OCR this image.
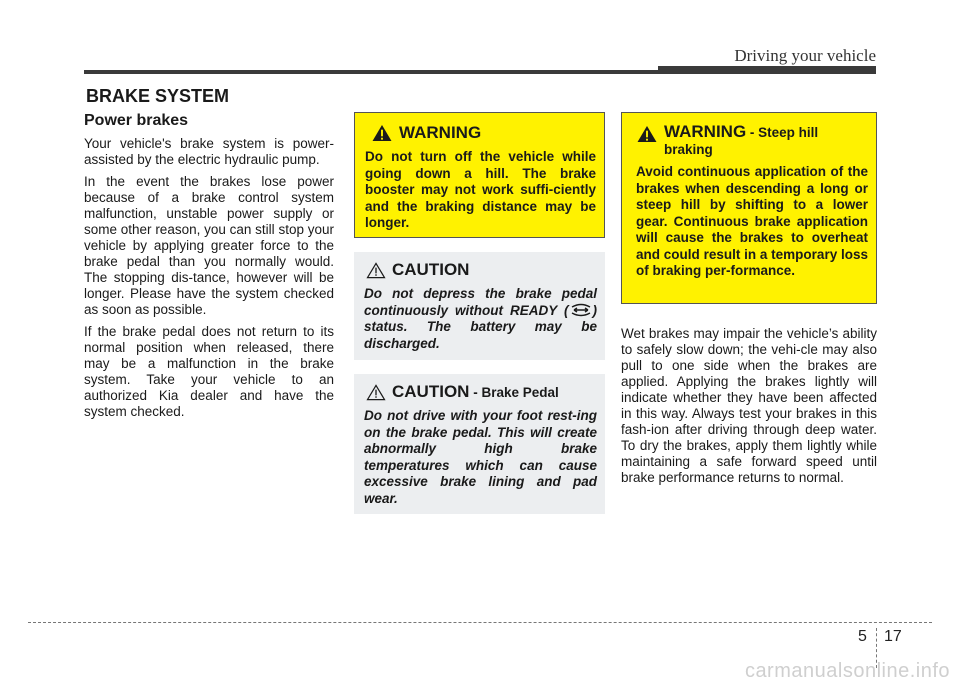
Driving your vehicle
BRAKE SYSTEM
Power brakes

Your vehicle's brake system is power-assisted by the electric hydraulic pump.

In the event the brakes lose power because of a brake control system malfunction, unstable power supply or some other reason, you can still stop your vehicle by applying greater force to the brake pedal than you normally would. The stopping dis-tance, however will be longer. Please have the system checked as soon as possible.

If the brake pedal does not return to its normal position when released, there may be a malfunction in the brake system. Take your vehicle to an authorized Kia dealer and have the system checked.

WARNING
Do not turn off the vehicle while going down a hill. The brake booster may not work suffi-ciently and the braking distance may be longer.
CAUTION
Do not depress the brake pedal continuously without READY ( ) status. The battery may be discharged.
CAUTION - Brake Pedal
Do not drive with your foot rest-ing on the brake pedal. This will create abnormally high brake temperatures which can cause excessive brake lining and pad wear.
WARNING - Steep hill braking
Avoid continuous application of the brakes when descending a long or steep hill by shifting to a lower gear. Continuous brake application will cause the brakes to overheat and could result in a temporary loss of braking per-formance.

Wet brakes may impair the vehicle’s ability to safely slow down; the vehi-cle may also pull to one side when the brakes are applied. Applying the brakes lightly will indicate whether they have been affected in this way. Always test your brakes in this fash-ion after driving through deep water. To dry the brakes, apply them lightly while maintaining a safe forward speed until brake performance returns to normal.

5 17
carmanualsonline.info
